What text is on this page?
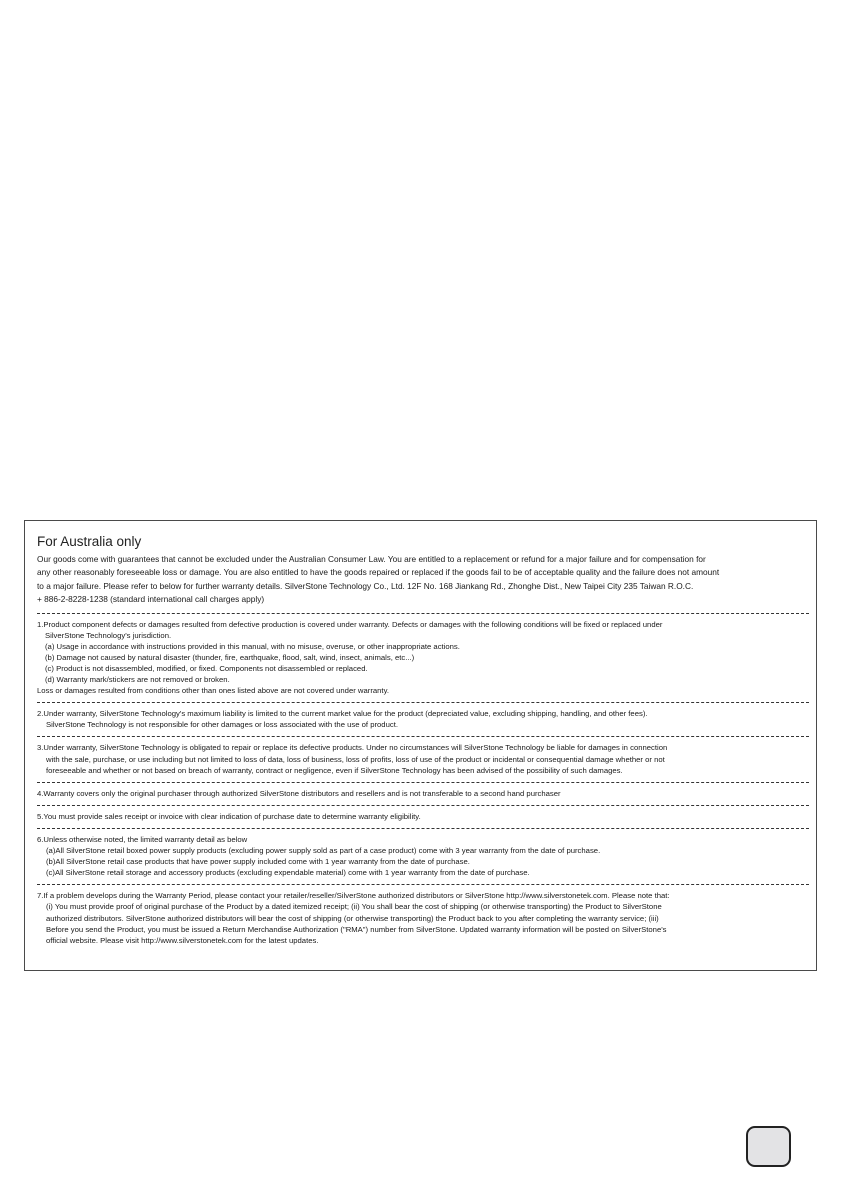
For Australia only

Our goods come with guarantees that cannot be excluded under the Australian Consumer Law. You are entitled to a replacement or refund for a major failure and for compensation for
any other reasonably foreseeable loss or damage. You are also entitled to have the goods repaired or replaced if the goods fail to be of acceptable quality and the failure does not amount
to a major failure. Please refer to below for further warranty details. SilverStone Technology Co., Ltd. 12F No. 168 Jiankang Rd., Zhonghe Dist., New Taipei City 235 Taiwan R.O.C.
+ 886-2-8228-1238 (standard international call charges apply)

1.Product component defects or damages resulted from defective production is covered under warranty. Defects or damages with the following conditions will be fixed or replaced under
SilverStone Technology's jurisdiction.
(a) Usage in accordance with instructions provided in this manual, with no misuse, overuse, or other inappropriate actions.
(b) Damage not caused by natural disaster (thunder, fire, earthquake, flood, salt, wind, insect, animals, etc...)
(c) Product is not disassembled, modified, or fixed. Components not disassembled or replaced.
(d) Warranty mark/stickers are not removed or broken.
Loss or damages resulted from conditions other than ones listed above are not covered under warranty.
2.Under warranty, SilverStone Technology's maximum liability is limited to the current market value for the product (depreciated value, excluding shipping, handling, and other fees).
SilverStone Technology is not responsible for other damages or loss associated with the use of product.
3.Under warranty, SilverStone Technology is obligated to repair or replace its defective products. Under no circumstances will SilverStone Technology be liable for damages in connection
with the sale, purchase, or use including but not limited to loss of data, loss of business, loss of profits, loss of use of the product or incidental or consequential damage whether or not
foreseeable and whether or not based on breach of warranty, contract or negligence, even if SilverStone Technology has been advised of the possibility of such damages.
4.Warranty covers only the original purchaser through authorized SilverStone distributors and resellers and is not transferable to a second hand purchaser
5.You must provide sales receipt or invoice with clear indication of purchase date to determine warranty eligibility.
6.Unless otherwise noted, the limited warranty detail as below
(a)All SilverStone retail boxed power supply products (excluding power supply sold as part of a case product) come with 3 year warranty from the date of purchase.
(b)All SilverStone retail case products that have power supply included come with 1 year warranty from the date of purchase.
(c)All SilverStone retail storage and accessory products (excluding expendable material) come with 1 year warranty from the date of purchase.
7.If a problem develops during the Warranty Period, please contact your retailer/reseller/SilverStone authorized distributors or SilverStone http://www.silverstonetek.com. Please note that:
(i) You must provide proof of original purchase of the Product by a dated itemized receipt; (ii) You shall bear the cost of shipping (or otherwise transporting) the Product to SilverStone
authorized distributors. SilverStone authorized distributors will bear the cost of shipping (or otherwise transporting) the Product back to you after completing the warranty service; (iii)
Before you send the Product, you must be issued a Return Merchandise Authorization ("RMA") number from SilverStone. Updated warranty information will be posted on SilverStone's
official website. Please visit http://www.silverstonetek.com for the latest updates.
